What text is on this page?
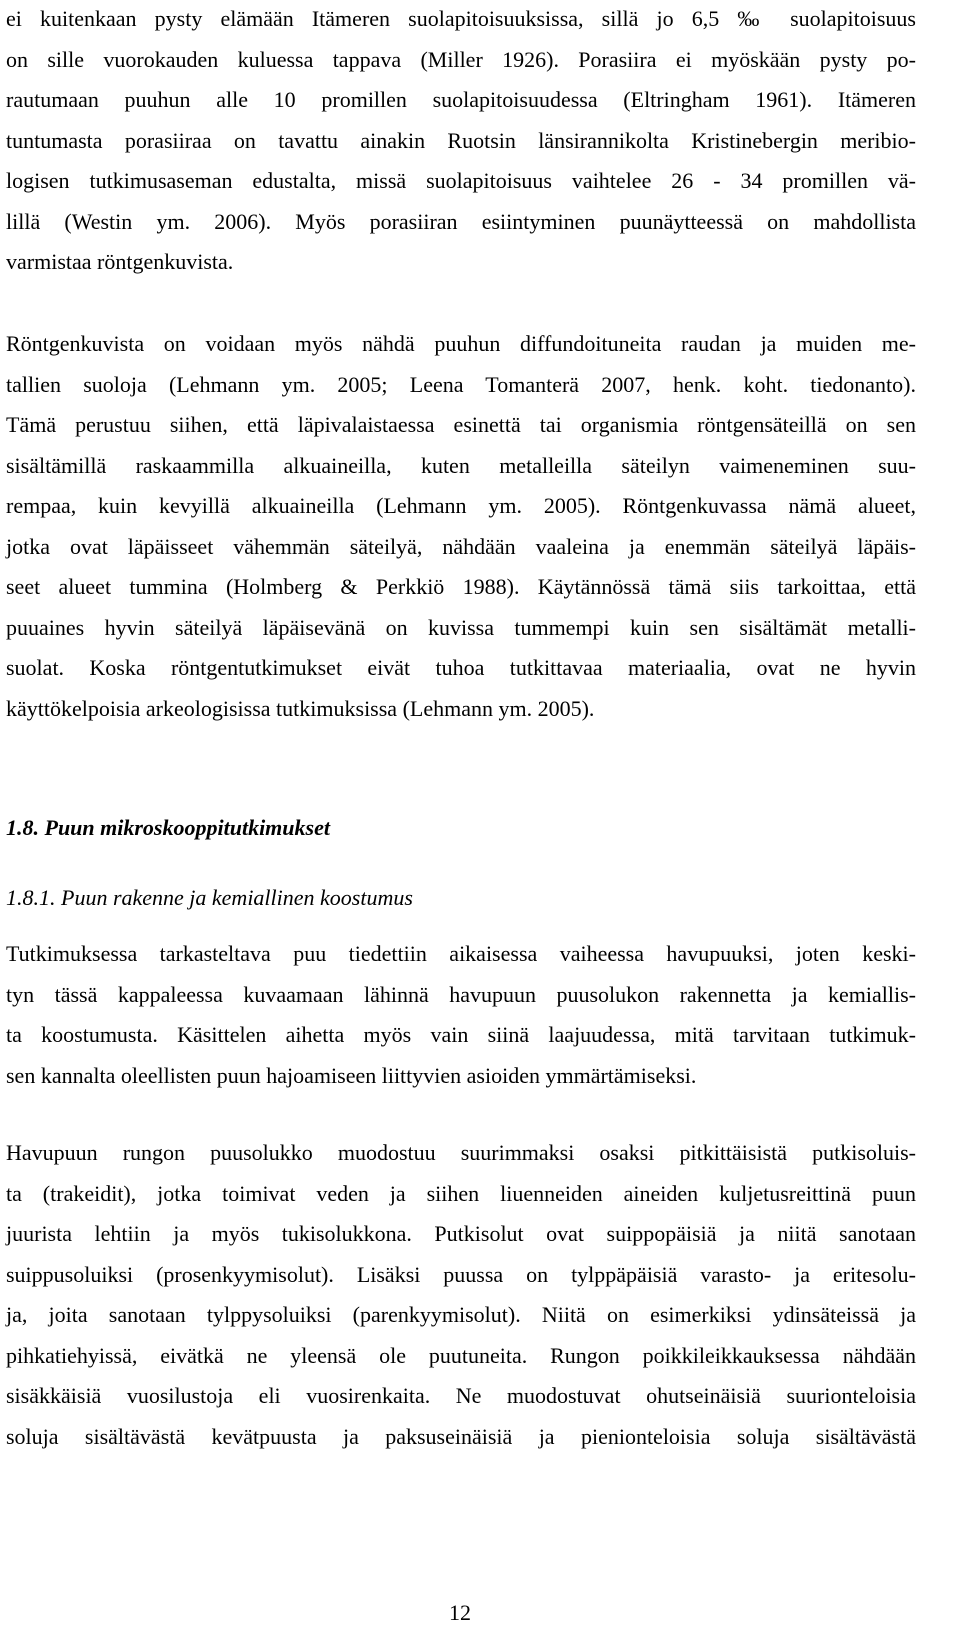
ei kuitenkaan pysty elämään Itämeren suolapitoisuuksissa, sillä jo 6,5 ‰ suolapitoisuus
on sille vuorokauden kuluessa tappava (Miller 1926). Porasiira ei myöskään pysty po-
rautumaan puuhun alle 10 promillen suolapitoisuudessa (Eltringham 1961). Itämeren
tuntumasta porasiiraa on tavattu ainakin Ruotsin länsirannikolta Kristinebergin meribio-
logisen tutkimusaseman edustalta, missä suolapitoisuus vaihtelee 26 - 34 promillen vä-
lillä (Westin ym. 2006). Myös porasiiran esiintyminen puunäytteessä on mahdollista
varmistaa röntgenkuvista.
Röntgenkuvista on voidaan myös nähdä puuhun diffundoituneita raudan ja muiden me-
tallien suoloja (Lehmann ym. 2005; Leena Tomanterä 2007, henk. koht. tiedonanto).
Tämä perustuu siihen, että läpivalaistaessa esinettä tai organismia röntgensäteillä on sen
sisältämillä raskaammilla alkuaineilla, kuten metalleilla säteilyn vaimeneminen suu-
rempaa, kuin kevyillä alkuaineilla (Lehmann ym. 2005). Röntgenkuvassa nämä alueet,
jotka ovat läpäisseet vähemmän säteilyä, nähdään vaaleina ja enemmän säteilyä läpäis-
seet alueet tummina (Holmberg & Perkkiö 1988). Käytännössä tämä siis tarkoittaa, että
puuaines hyvin säteilyä läpäisevänä on kuvissa tummempi kuin sen sisältämät metalli-
suolat. Koska röntgentutkimukset eivät tuhoa tutkittavaa materiaalia, ovat ne hyvin
käyttökelpoisia arkeologisissa tutkimuksissa (Lehmann ym. 2005).
1.8. Puun mikroskooppitutkimukset
1.8.1. Puun rakenne ja kemiallinen koostumus
Tutkimuksessa tarkasteltava puu tiedettiin aikaisessa vaiheessa havupuuksi, joten keski-
tyn tässä kappaleessa kuvaamaan lähinnä havupuun puusolukon rakennetta ja kemiallis-
ta koostumusta. Käsittelen aihetta myös vain siinä laajuudessa, mitä tarvitaan tutkimuk-
sen kannalta oleellisten puun hajoamiseen liittyvien asioiden ymmärtämiseksi.
Havupuun rungon puusolukko muodostuu suurimmaksi osaksi pitkittäisistä putkisoluis-
ta (trakeidit), jotka toimivat veden ja siihen liuenneiden aineiden kuljetusreittinä puun
juurista lehtiin ja myös tukisolukkona. Putkisolut ovat suippopäisiä ja niitä sanotaan
suippusoluiksi (prosenkyymisolut). Lisäksi puussa on tylppäpäisiä varasto- ja eritesolu-
ja, joita sanotaan tylppysoluiksi (parenkyymisolut). Niitä on esimerkiksi ydinsäteissä ja
pihkatiehyissä, eivätkä ne yleensä ole puutuneita. Rungon poikkileikkauksessa nähdään
sisäkkäisiä vuosilustoja eli vuosirenkaita. Ne muodostuvat ohutseinäisiä suurionteloisia
soluja sisältävästä kevätpuusta ja paksuseinäisiä ja pienionteloisia soluja sisältävästä
12
